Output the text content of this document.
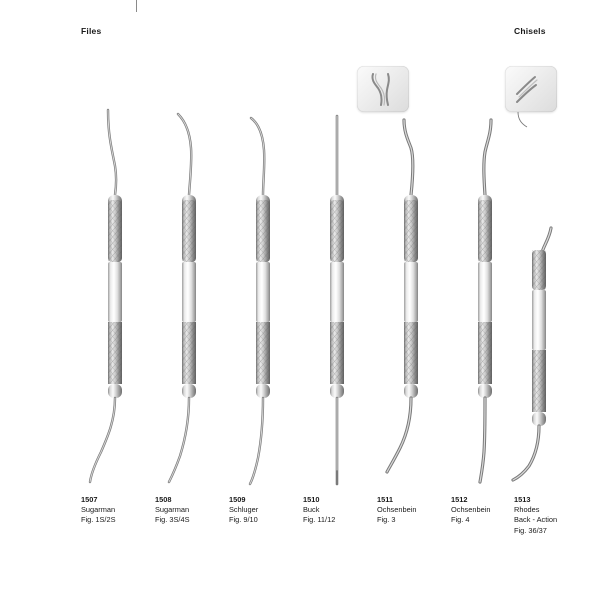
Files	Chisels
1507
Sugarman
Fig. 1S/2S
1508
Sugarman
Fig. 3S/4S
1509
Schluger
Fig. 9/10
1510
Buck
Fig. 11/12
1511
Ochsenbein
Fig. 3
1512
Ochsenbein
Fig. 4
1513
Rhodes
Back - Action
Fig. 36/37
